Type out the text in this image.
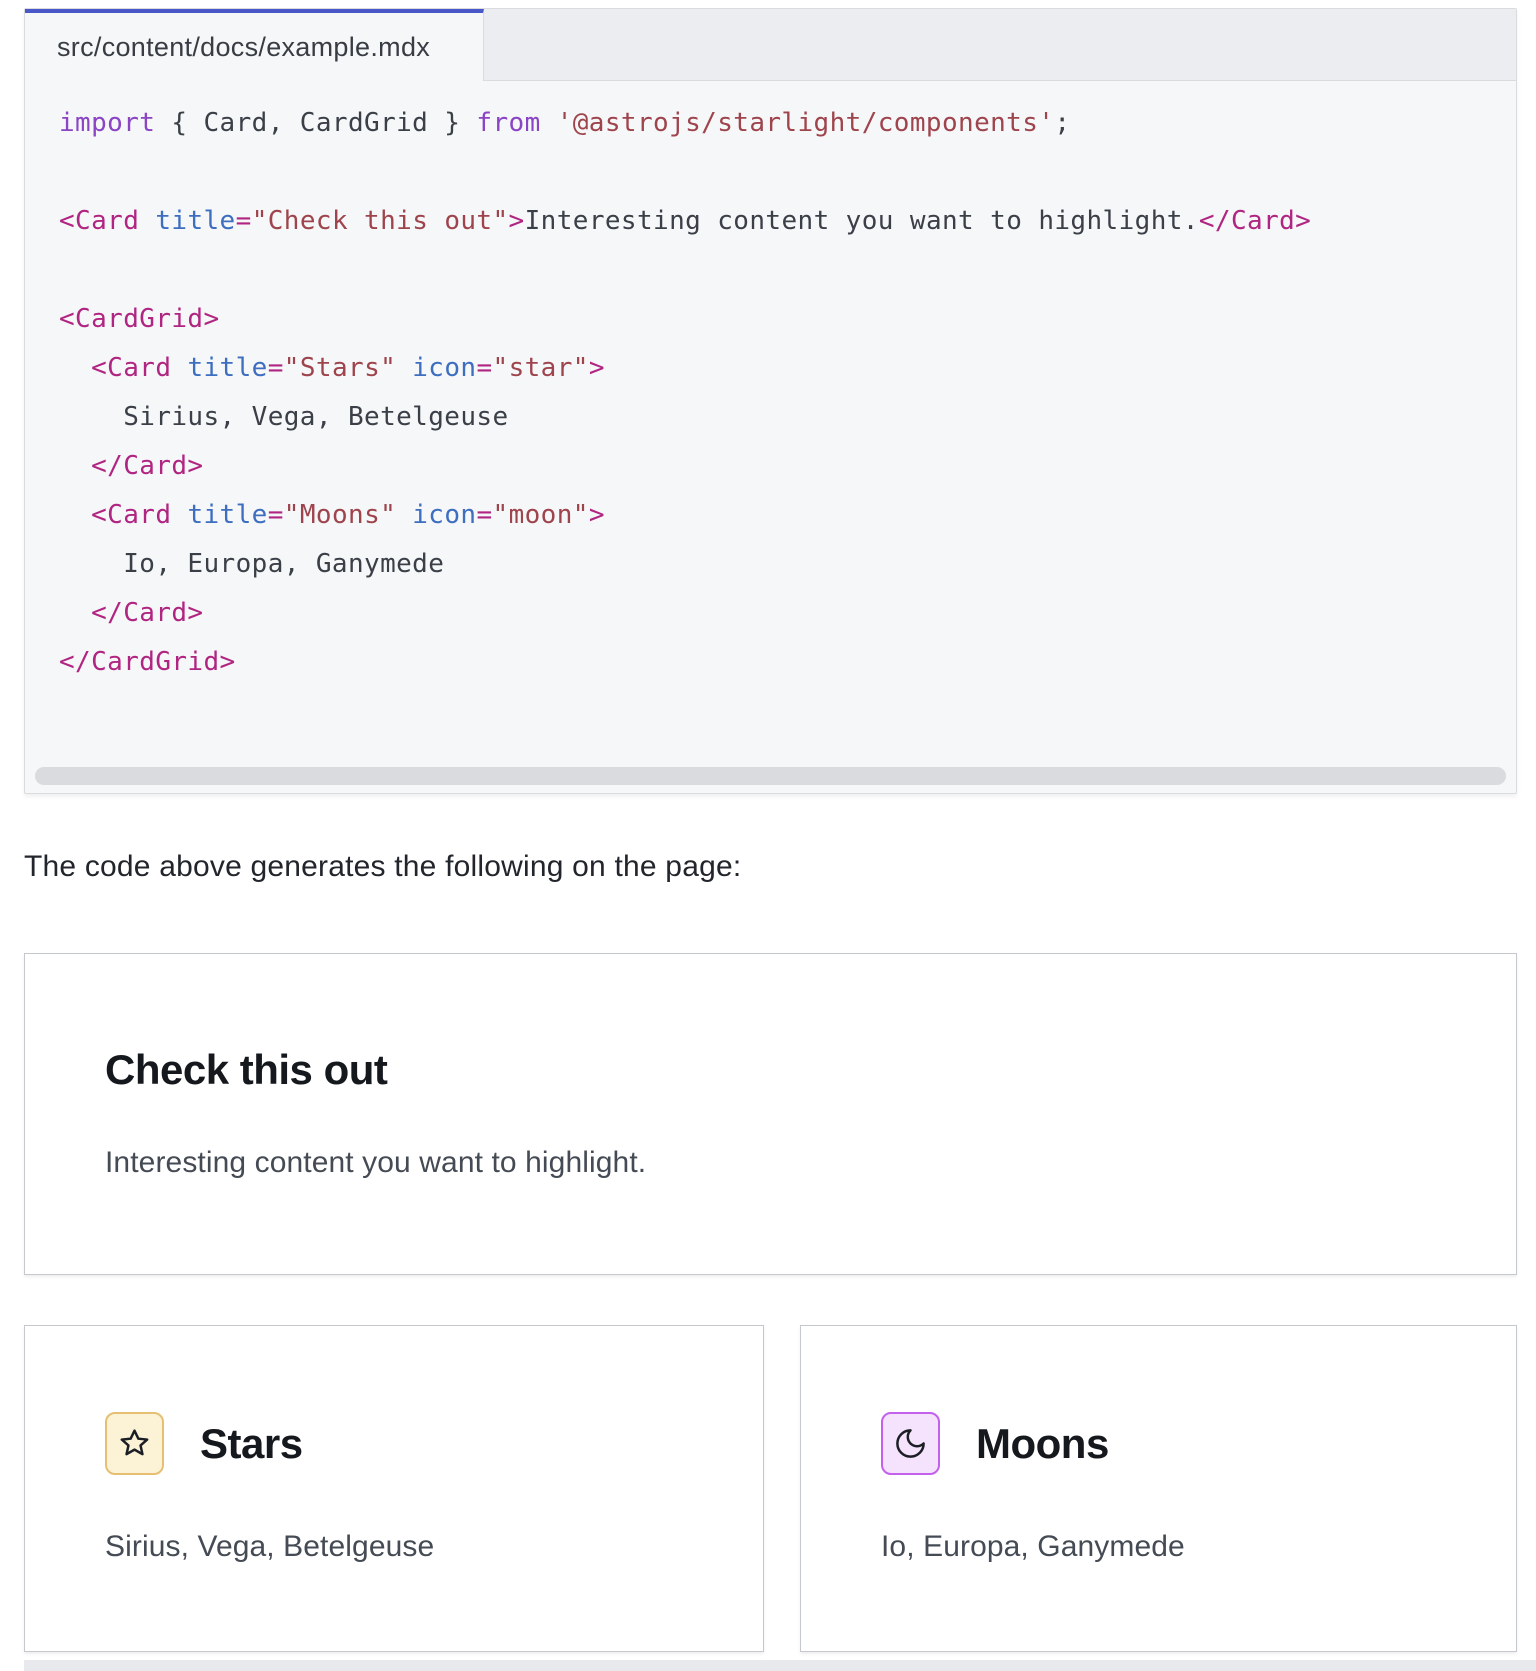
src/content/docs/example.mdx
import { Card, CardGrid } from '@astrojs/starlight/components';

<Card title="Check this out">Interesting content you want to highlight.</Card>

<CardGrid>
<Card title="Stars" icon="star">
Sirius, Vega, Betelgeuse
</Card>
<Card title="Moons" icon="moon">
Io, Europa, Ganymede
</Card>
</CardGrid>

The code above generates the following on the page:

Check this out

Interesting content you want to highlight.

Stars

Sirius, Vega, Betelgeuse

Moons

Io, Europa, Ganymede
